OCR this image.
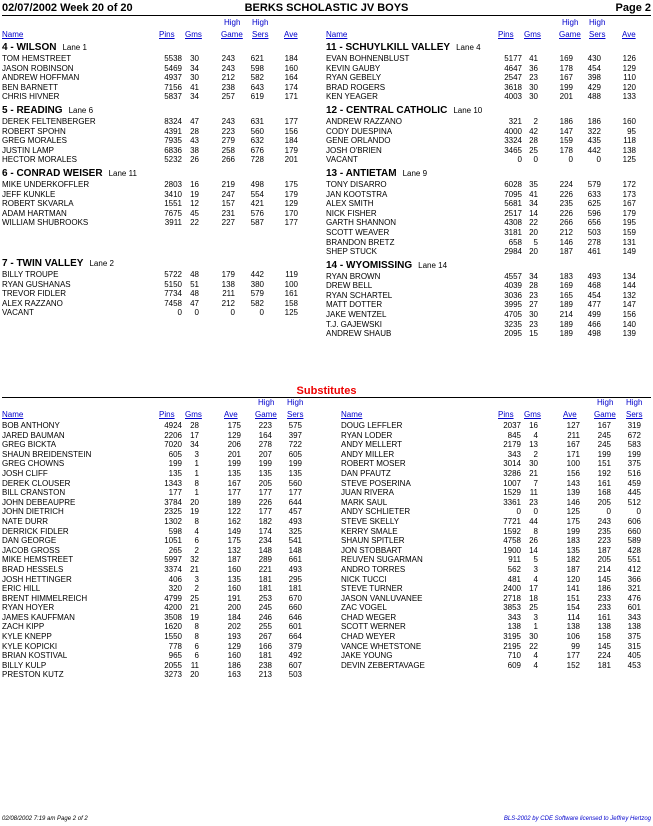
02/07/2002 Week 20 of 20	BERKS SCHOLASTIC JV BOYS	Page 2
Name	Pins Gms
High
Game
High
Sers Ave	Name	Pins Gms
High
Game
High
Sers Ave
4 - WILSON Lane 1
TOM HEMSTREET	5538	30	243	621	184
JASON ROBINSON	5469	34	243	598	160
ANDREW HOFFMAN	4937	30	212	582	164
BEN BARNETT	7156	41	238	643	174
CHRIS HIVNER	5837	34	257	619	171
5 - READING Lane 6
DEREK FELTENBERGER	8324	47	243	631	177
ROBERT SPOHN	4391	28	223	560	156
GREG MORALES	7935	43	279	632	184
JUSTIN LAMP	6836	38	258	676	179
HECTOR MORALES	5232	26	266	728	201
6 - CONRAD WEISER Lane 11
MIKE UNDERKOFFLER	2803	16	219	498	175
JEFF KUNKLE	3410	19	247	554	179
ROBERT SKVARLA	1551	12	157	421	129
ADAM HARTMAN	7675	45	231	576	170
WILLIAM SHUBROOKS	3911	22	227	587	177
7 - TWIN VALLEY Lane 2
BILLY TROUPE	5722	48	179	442	119
RYAN GUSHANAS	5150	51	138	380	100
TREVOR FIDLER	7734	48	211	579	161
ALEX RAZZANO	7458	47	212	582	158
VACANT	0	0	0	0	125
11 - SCHUYLKILL VALLEY Lane 4
EVAN BOHNENBLUST	5177 41	169	430	126
KEVIN GAUBY	4647 36	178	454	129
RYAN GEBELY	2547 23	167	398	110
BRAD ROGERS	3618 30	199	429	120
KEN YEAGER	4003 30	201	488	133
12 - CENTRAL CATHOLIC Lane 10
ANDREW RAZZANO	321	2	186	186	160
CODY DUESPINA	4000 42	147	322	95
GENE ORLANDO	3324 28	159	435	118
JOSH O'BRIEN	3465 25	178	442	138
VACANT	0	0	0	0	125
13 - ANTIETAM Lane 9
TONY DISARRO	6028 35	224	579	172
JAN KOOTSTRA	7095 41	226	633	173
ALEX SMITH	5681 34	235	625	167
NICK FISHER	2517 14	226	596	179
GARTH SHANNON	4308 22	266	656	195
SCOTT WEAVER	3181 20	212	503	159
BRANDON BRETZ	658	5	146	278	131
SHEP STUCK	2984 20	187	461	149
14 - WYOMISSING Lane 14
RYAN BROWN	4557 34	183	493	134
DREW BELL	4039 28	169	468	144
RYAN SCHARTEL	3036 23	165	454	132
MATT DOTTER	3995 27	189	477	147
JAKE WENTZEL	4705 30	214	499	156
T.J. GAJEWSKI	3235 23	189	466	140
ANDREW SHAUB	2095 15	189	498	139
Substitutes
Name	Pins Gms	Ave
High
Game
High
Sers	Name	Pins Gms	Ave
High
Game
High
Sers
BOB ANTHONY	4924	28	175	223	575
JARED BAUMAN	2206	17	129	164	397
GREG BICKTA	7020	34	206	278	722
SHAUN BREIDENSTEIN	605	3	201	207	605
GREG CHOWNS	199	1	199	199	199
JOSH CLIFF	135	1	135	135	135
DEREK CLOUSER	1343	8	167	205	560
BILL CRANSTON	177	1	177	177	177
JOHN DEBEAUPRE	3784	20	189	226	644
JOHN DIETRICH	2325	19	122	177	457
NATE DURR	1302	8	162	182	493
DERRICK FIDLER	598	4	149	174	325
DAN GEORGE	1051	6	175	234	541
JACOB GROSS	265	2	132	148	148
MIKE HEMSTREET	5997	32	187	289	661
BRAD HESSELS	3374	21	160	221	493
JOSH HETTINGER	406	3	135	181	295
ERIC HILL	320	2	160	181	181
BRENT HIMMELREICH	4799	25	191	253	670
RYAN HOYER	4200	21	200	245	660
JAMES KAUFFMAN	3508	19	184	246	646
ZACH KIPP	1620	8	202	255	601
KYLE KNEPP	1550	8	193	267	664
KYLE KOPICKI	778	6	129	166	379
BRIAN KOSTIVAL	965	6	160	181	492
BILLY KULP	2055	11	186	238	607
PRESTON KUTZ	3273	20	163	213	503
DOUG LEFFLER	2037	16	127	167	319
RYAN LODER	845	4	211	245	672
ANDY MELLERT	2179	13	167	245	583
ANDY MILLER	343	2	171	199	199
ROBERT MOSER	3014	30	100	151	375
DAN PFAUTZ	3286	21	156	192	516
STEVE POSERINA	1007	7	143	161	459
JUAN RIVERA	1529	11	139	168	445
MARK SAUL	3361	23	146	205	512
ANDY SCHLIETER	0	0	125	0	0
STEVE SKELLY	7721	44	175	243	606
KERRY SMALE	1592	8	199	235	660
SHAUN SPITLER	4758	26	183	223	589
JON STOBBART	1900	14	135	187	428
REUVEN SUGARMAN	911	5	182	205	551
ANDRO TORRES	562	3	187	214	412
NICK TUCCI	481	4	120	145	366
STEVE TURNER	2400	17	141	186	321
JASON VANLUVANEE	2718	18	151	233	476
ZAC VOGEL	3853	25	154	233	601
CHAD WEGER	343	3	114	161	343
SCOTT WERNER	138	1	138	138	138
CHAD WEYER	3195	30	106	158	375
VANCE WHETSTONE	2195	22	99	145	315
JAKE YOUNG	710	4	177	224	405
DEVIN ZEBERTAVAGE	609	4	152	181	453
02/08/2002 7:19 am Page 2 of 2	BLS-2002 by CDE Software licensed to Jeffrey Hertzog
